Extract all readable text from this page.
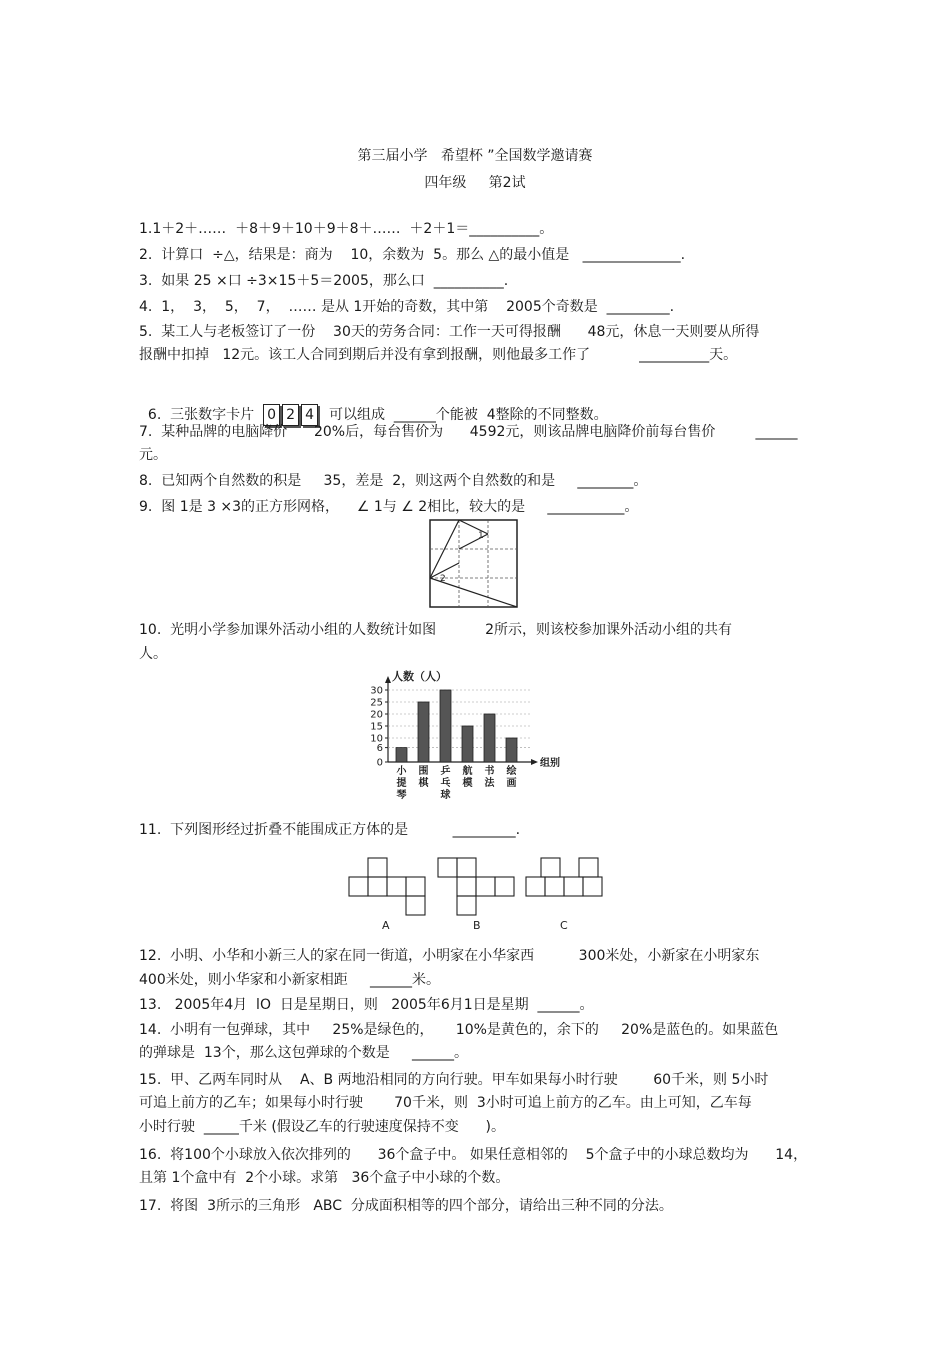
第三届小学   希望杯 ”全国数学邀请赛
四年级     第2试
1.1＋2＋……  ＋8＋9＋10＋9＋8＋……  ＋2＋1＝__________。
2.  计算口  ÷△，结果是：商为    10，余数为  5。那么 △的最小值是   ______________.
3.  如果 25 ×口 ÷3×15＋5＝2005，那么口  __________.
4.  1，  3，  5，  7，  …… 是从 1开始的奇数，其中第    2005个奇数是  _________.
5.  某工人与老板签订了一份    30天的劳务合同：工作一天可得报酬      48元，休息一天则要从所得
报酬中扣掉   12元。该工人合同到期后并没有拿到报酬，则他最多工作了           __________天。

6.  三张数字卡片  0 2 4  可以组成  ______个能被  4整除的不同整数。

7.  某种品牌的电脑降价      20%后，每台售价为      4592元，则该品牌电脑降价前每台售价         ______
元。
8.  已知两个自然数的积是     35，差是  2，则这两个自然数的和是     ________。
9.  图 1是 3 ×3的正方形网格，    ∠ 1与 ∠ 2相比，较大的是     ___________。
1
2
10.  光明小学参加课外活动小组的人数统计如图           2所示，则该校参加课外活动小组的共有
人。
人数（人）
组别
0
6
10
15
20
25
30
小
提
琴
围
棋
乒
乓
球
航
模
书
法
绘
画
11.  下列图形经过折叠不能围成正方体的是          _________.
A	B	C
12.  小明、小华和小新三人的家在同一街道，小明家在小华家西          300米处，小新家在小明家东
400米处，则小华家和小新家相距     ______米。
13.   2005年4月  lO  日是星期日，则   2005年6月1日是星期  ______。
14.  小明有一包弹球，其中     25%是绿色的，     10%是黄色的，余下的     20%是蓝色的。如果蓝色
的弹球是  13个，那么这包弹球的个数是     ______。
15.  甲、乙两车同时从    A、B 两地沿相同的方向行驶。甲车如果每小时行驶        60千米，则 5小时
可追上前方的乙车；如果每小时行驶       70千米，则  3小时可追上前方的乙车。由上可知，乙车每
小时行驶  _____千米 (假设乙车的行驶速度保持不变      )。
16.  将100个小球放入依次排列的      36个盒子中。 如果任意相邻的    5个盒子中的小球总数均为      14，
且第 1个盒中有  2个小球。求第   36个盒子中小球的个数。
17.  将图  3所示的三角形   ABC  分成面积相等的四个部分，请给出三种不同的分法。
